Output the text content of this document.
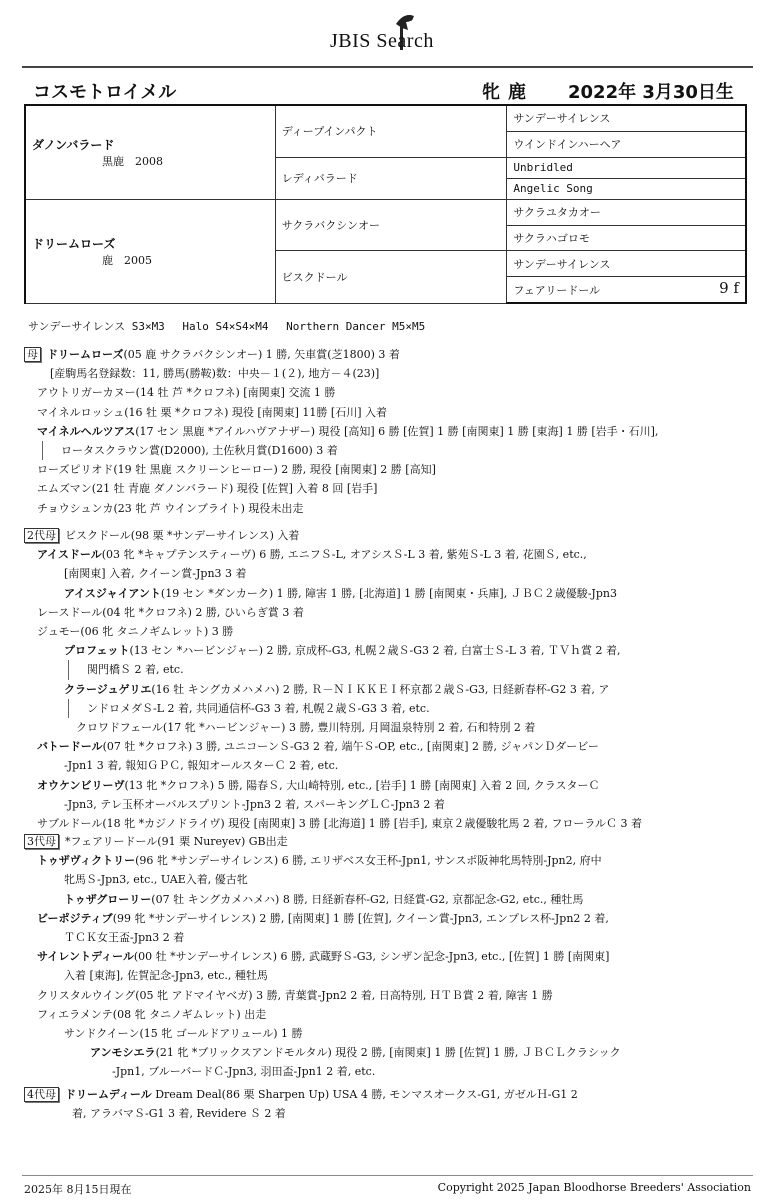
JBIS Search
コスモトロイメル	牝鹿 2022年 3月30日生
ダノンバラード
黒鹿　2008	ディープインパクト	サンデーサイレンス
		ウインドインハーヘア
	レディバラード	Unbridled
		Angelic Song

ドリームローズ
鹿　2005	サクラバクシンオー	サクラユタカオー
		サクラハゴロモ
	ビスクドール	サンデーサイレンス
		フェアリードール 9 f
サンデーサイレンス S3×M3　 Halo S4×S4×M4　 Northern Dancer M5×M5
母 ドリームローズ(05 鹿 サクラバクシンオー) 1 勝, 矢車賞(芝1800) 3 着
[産駒馬名登録数：11, 勝馬(勝鞍)数：中央－１(２), 地方－４(23)]
アウトリガーカヌー(14 牡 芦 *クロフネ) [南関東] 交流 1 勝
マイネルロッシュ(16 牡 栗 *クロフネ) 現役 [南関東] 11勝 [石川] 入着
マイネルヘルツアス(17 セン 黒鹿 *アイルハヴアナザー) 現役 [高知] 6 勝 [佐賀] 1 勝 [南関東] 1 勝 [東海] 1 勝 [岩手・石川],
ロータスクラウン賞(D2000), 土佐秋月賞(D1600) 3 着
ローズピリオド(19 牡 黒鹿 スクリーンヒーロー) 2 勝, 現役 [南関東] 2 勝 [高知]
エムズマン(21 牡 青鹿 ダノンバラード) 現役 [佐賀] 入着 8 回 [岩手]
チョウシュンカ(23 牝 芦 ウインブライト) 現役未出走
2代母 ビスクドール(98 栗 *サンデーサイレンス) 入着
アイスドール(03 牝 *キャプテンスティーヴ) 6 勝, エニフＳ-L, オアシスＳ-L 3 着, 紫苑Ｓ-L 3 着, 花園Ｓ, etc.,
[南関東] 入着, クイーン賞-Jpn3 3 着
アイスジャイアント(19 セン *ダンカーク) 1 勝, 障害 1 勝, [北海道] 1 勝 [南関東・兵庫], ＪＢＣ２歳優駿-Jpn3
レースドール(04 牝 *クロフネ) 2 勝, ひいらぎ賞 3 着
ジュモー(06 牝 タニノギムレット) 3 勝
プロフェット(13 セン *ハービンジャー) 2 勝, 京成杯-G3, 札幌２歳Ｓ-G3 2 着, 白富士Ｓ-L 3 着, ＴＶｈ賞 2 着,
関門橋Ｓ 2 着, etc.
クラージュゲリエ(16 牡 キングカメハメハ) 2 勝, Ｒ－ＮＩＫＫＥＩ杯京都２歳Ｓ-G3, 日経新春杯-G2 3 着, ア
ンドロメダＳ-L 2 着, 共同通信杯-G3 3 着, 札幌２歳Ｓ-G3 3 着, etc.
クロワドフェール(17 牝 *ハービンジャー) 3 勝, 豊川特別, 月岡温泉特別 2 着, 石和特別 2 着
バトードール(07 牡 *クロフネ) 3 勝, ユニコーンＳ-G3 2 着, 端午Ｓ-OP, etc., [南関東] 2 勝, ジャパンＤダービー
-Jpn1 3 着, 報知ＧＰＣ, 報知オールスターＣ 2 着, etc.
オウケンビリーヴ(13 牝 *クロフネ) 5 勝, 陽春Ｓ, 大山崎特別, etc., [岩手] 1 勝 [南関東] 入着 2 回, クラスターＣ
-Jpn3, テレ玉杯オーバルスプリント-Jpn3 2 着, スパーキングＬＣ-Jpn3 2 着
サブルドール(18 牝 *カジノドライヴ) 現役 [南関東] 3 勝 [北海道] 1 勝 [岩手], 東京２歳優駿牝馬 2 着, フローラルＣ 3 着
3代母 *フェアリードール(91 栗 Nureyev) GB出走
トゥザヴィクトリー(96 牝 *サンデーサイレンス) 6 勝, エリザベス女王杯-Jpn1, サンスポ阪神牝馬特別-Jpn2, 府中
牝馬Ｓ-Jpn3, etc., UAE入着, 優古牝
トゥザグローリー(07 牡 キングカメハメハ) 8 勝, 日経新春杯-G2, 日経賞-G2, 京都記念-G2, etc., 種牡馬
ビーポジティブ(99 牝 *サンデーサイレンス) 2 勝, [南関東] 1 勝 [佐賀], クイーン賞-Jpn3, エンプレス杯-Jpn2 2 着,
ＴＣＫ女王盃-Jpn3 2 着
サイレントディール(00 牡 *サンデーサイレンス) 6 勝, 武蔵野Ｓ-G3, シンザン記念-Jpn3, etc., [佐賀] 1 勝 [南関東]
入着 [東海], 佐賀記念-Jpn3, etc., 種牡馬
クリスタルウイング(05 牝 アドマイヤベガ) 3 勝, 青葉賞-Jpn2 2 着, 日高特別, ＨＴＢ賞 2 着, 障害 1 勝
フィエラメンテ(08 牝 タニノギムレット) 出走
サンドクイーン(15 牝 ゴールドアリュール) 1 勝
アンモシエラ(21 牝 *ブリックスアンドモルタル) 現役 2 勝, [南関東] 1 勝 [佐賀] 1 勝, ＪＢＣＬクラシック
-Jpn1, ブルーバードＣ-Jpn3, 羽田盃-Jpn1 2 着, etc.
4代母 ドリームディール Dream Deal(86 栗 Sharpen Up) USA 4 勝, モンマスオークス-G1, ガゼルＨ-G1 2
着, アラバマＳ-G1 3 着, Revidere Ｓ 2 着
2025年 8月15日現在	Copyright 2025 Japan Bloodhorse Breeders' Association
